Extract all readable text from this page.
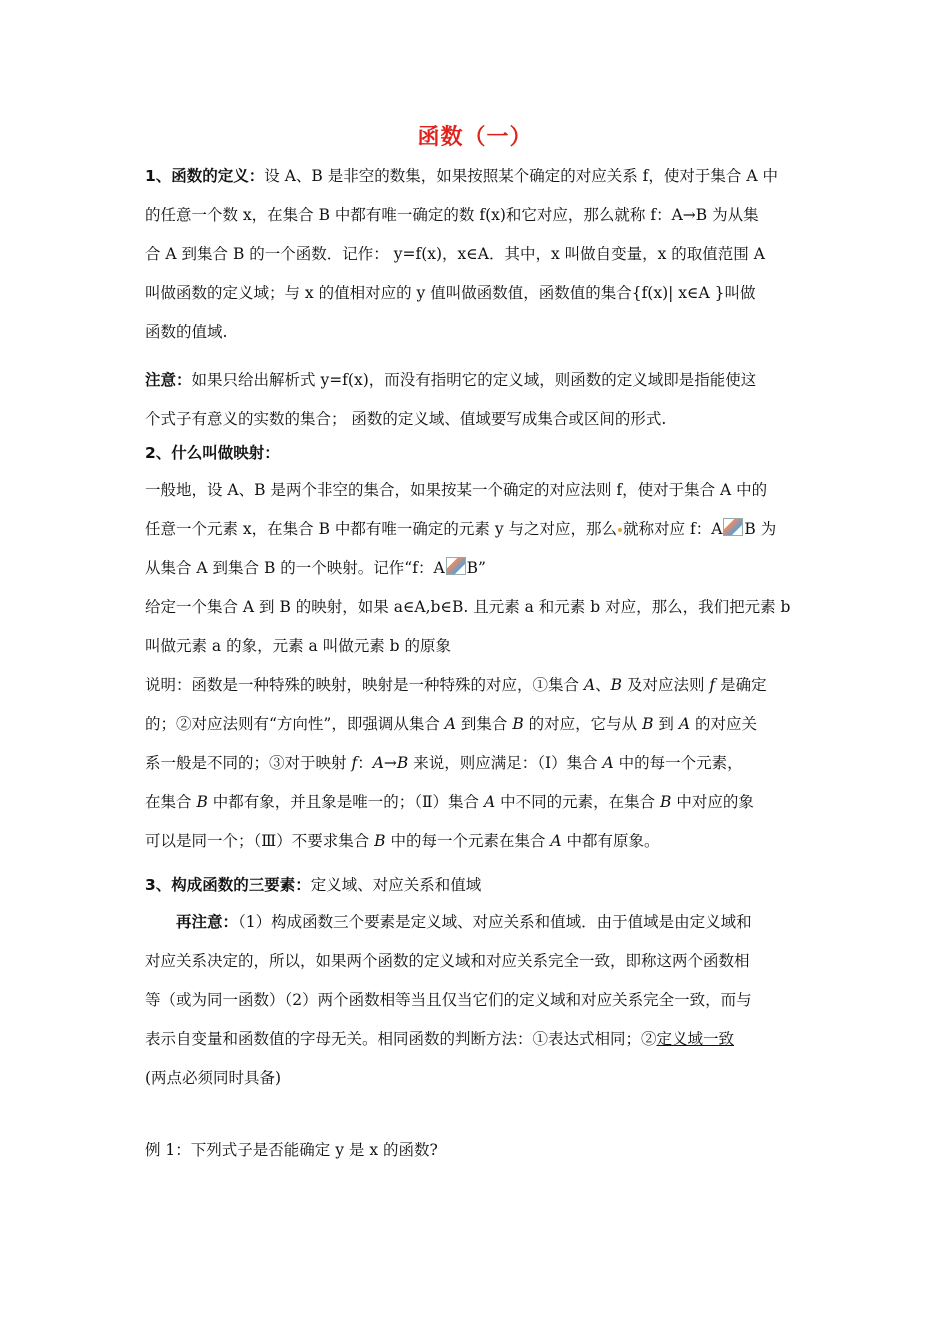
函数（一）
1、函数的定义：设 A、B 是非空的数集，如果按照某个确定的对应关系 f，使对于集合 A 中
的任意一个数 x，在集合 B 中都有唯一确定的数 f(x)和它对应，那么就称 f：A→B 为从集
合 A 到集合 B 的一个函数．记作： y=f(x)，x∈A．其中，x 叫做自变量，x 的取值范围 A
叫做函数的定义域；与 x 的值相对应的 y 值叫做函数值，函数值的集合{f(x)| x∈A }叫做
函数的值域.
注意：如果只给出解析式 y=f(x)，而没有指明它的定义域，则函数的定义域即是指能使这
个式子有意义的实数的集合； 函数的定义域、值域要写成集合或区间的形式.
2、什么叫做映射：
一般地，设 A、B 是两个非空的集合，如果按某一个确定的对应法则 f，使对于集合 A 中的
任意一个元素 x，在集合 B 中都有唯一确定的元素 y 与之对应，那么 就称对应 f：A B 为
从集合 A 到集合 B 的一个映射。记作“f：A B”
给定一个集合 A 到 B 的映射，如果 a∈A,b∈B. 且元素 a 和元素 b 对应，那么，我们把元素 b
叫做元素 a 的象，元素 a 叫做元素 b 的原象
说明：函数是一种特殊的映射，映射是一种特殊的对应，①集合 A、B 及对应法则 f 是确定
的；②对应法则有“方向性”，即强调从集合 A 到集合 B 的对应，它与从 B 到 A 的对应关
系一般是不同的；③对于映射 f：A→B 来说，则应满足：（Ⅰ）集合 A 中的每一个元素，
在集合 B 中都有象，并且象是唯一的；（Ⅱ）集合 A 中不同的元素，在集合 B 中对应的象
可以是同一个；（Ⅲ）不要求集合 B 中的每一个元素在集合 A 中都有原象。
3、构成函数的三要素：定义域、对应关系和值域
　　再注意：（1）构成函数三个要素是定义域、对应关系和值域．由于值域是由定义域和
对应关系决定的，所以，如果两个函数的定义域和对应关系完全一致，即称这两个函数相
等（或为同一函数）（2）两个函数相等当且仅当它们的定义域和对应关系完全一致，而与
表示自变量和函数值的字母无关。相同函数的判断方法：①表达式相同；②定义域一致
(两点必须同时具备)
例 1：下列式子是否能确定 y 是 x 的函数?
